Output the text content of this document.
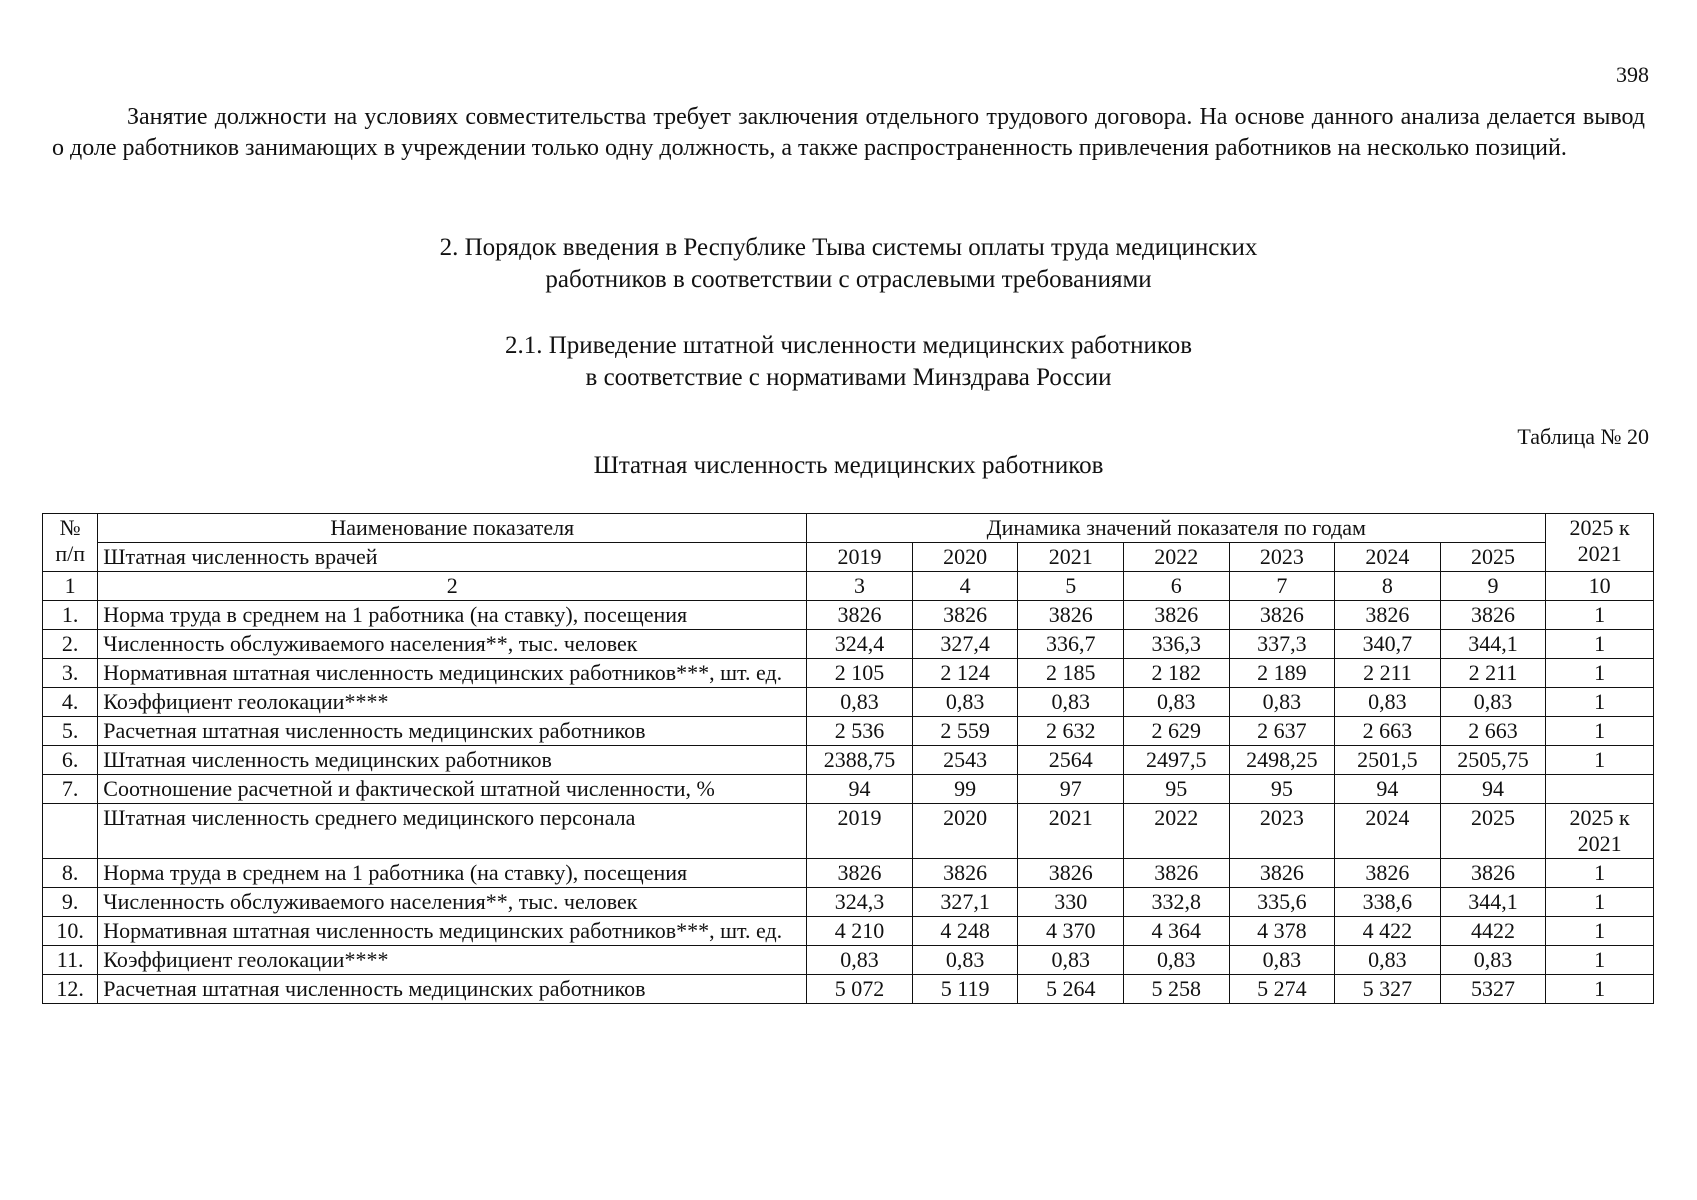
398

Занятие должности на условиях совместительства требует заключения отдельного трудового договора. На основе данного анализа делается вывод о доле работников занимающих в учреждении только одну должность, а также распространенность привлечения работников на несколько позиций.

2. Порядок введения в Республике Тыва системы оплаты труда медицинских
работников в соответствии с отраслевыми требованиями
2.1. Приведение штатной численности медицинских работников
в соответствие с нормативами Минздрава России
Таблица № 20
Штатная численность медицинских работников
№ п/п	Наименование показателя	Динамика значений показателя по годам							2025 к 2021
	Штатная численность врачей	2019	2020	2021	2022	2023	2024	2025	
1	2	3	4	5	6	7	8	9	10
1.	Норма труда в среднем на 1 работника (на ставку), посещения	3826	3826	3826	3826	3826	3826	3826	1
2.	Численность обслуживаемого населения**, тыс. человек	324,4	327,4	336,7	336,3	337,3	340,7	344,1	1
3.	Нормативная штатная численность медицинских работников***, шт. ед.	2 105	2 124	2 185	2 182	2 189	2 211	2 211	1
4.	Коэффициент геолокации****	0,83	0,83	0,83	0,83	0,83	0,83	0,83	1
5.	Расчетная штатная численность медицинских работников	2 536	2 559	2 632	2 629	2 637	2 663	2 663	1
6.	Штатная численность медицинских работников	2388,75	2543	2564	2497,5	2498,25	2501,5	2505,75	1
7.	Соотношение расчетной и фактической штатной численности, %	94	99	97	95	95	94	94	
	Штатная численность среднего медицинского персонала	2019	2020	2021	2022	2023	2024	2025	2025 к 2021
8.	Норма труда в среднем на 1 работника (на ставку), посещения	3826	3826	3826	3826	3826	3826	3826	1
9.	Численность обслуживаемого населения**, тыс. человек	324,3	327,1	330	332,8	335,6	338,6	344,1	1
10.	Нормативная штатная численность медицинских работников***, шт. ед.	4 210	4 248	4 370	4 364	4 378	4 422	4422	1
11.	Коэффициент геолокации****	0,83	0,83	0,83	0,83	0,83	0,83	0,83	1
12.	Расчетная штатная численность медицинских работников	5 072	5 119	5 264	5 258	5 274	5 327	5327	1
